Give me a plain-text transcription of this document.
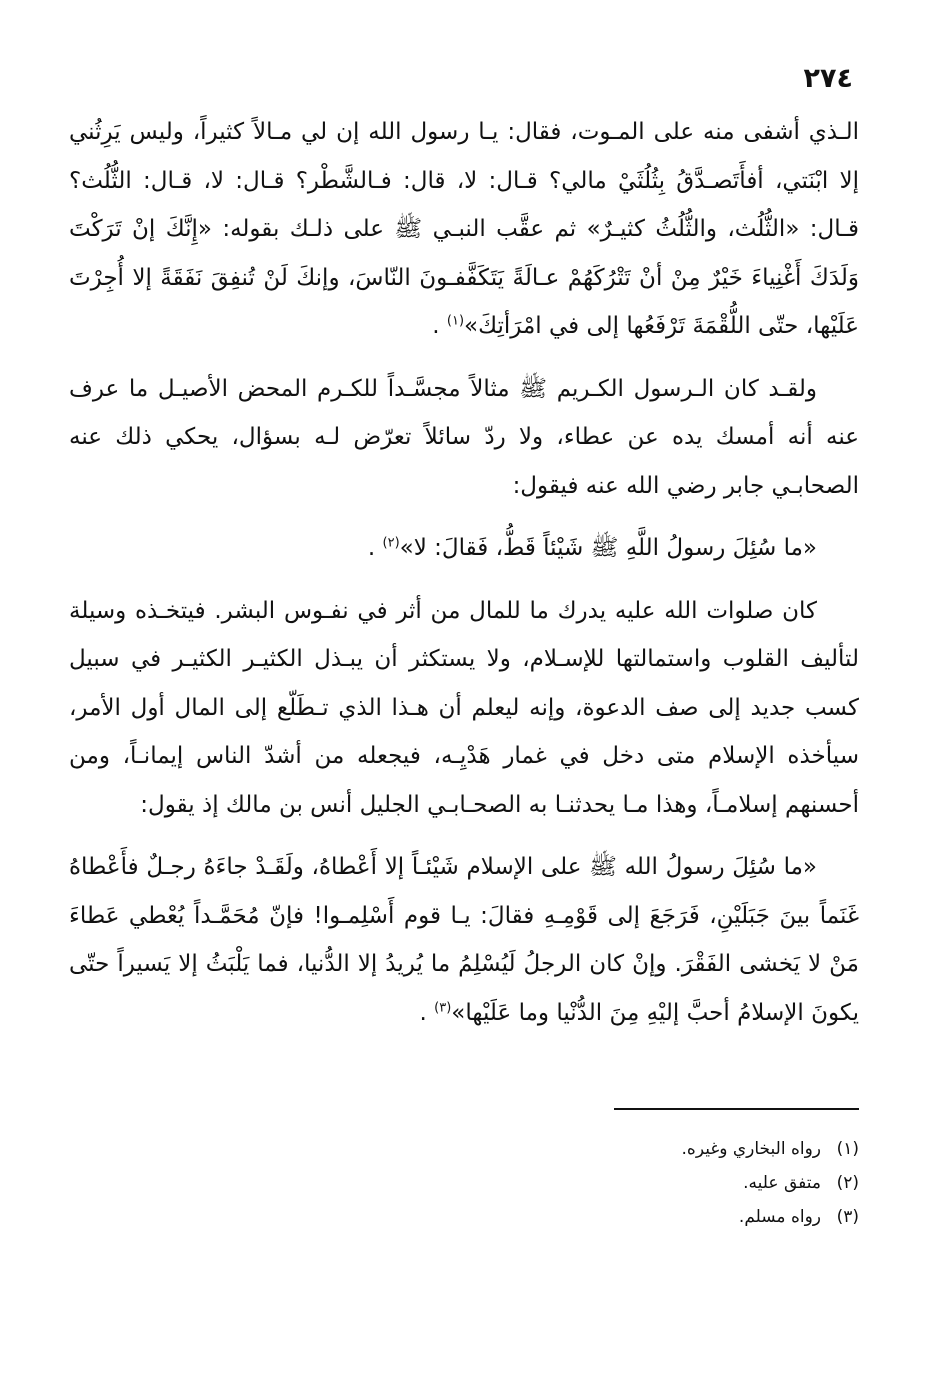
٢٧٤

الـذي أشفى منه على المـوت، فقال: يـا رسول الله إن لي مـالاً كثيراً، وليس يَرِثُني إلا ابْنَتي، أفأَتَصـدَّقُ بِثُلُثَيْ مالي؟ قـال: لا، قال: فـالشَّطْر؟ قـال: لا، قـال: الثُّلُث؟ قـال: «الثُّلُث، والثُّلُثُ كثيـرٌ» ثم عقَّب النبـي ﷺ على ذلـك بقوله: «إِنَّكَ إنْ تَرَكْتَ وَلَدَكَ أَغْنِياءَ خَيْرٌ مِنْ أنْ تَتْرُكَهُمْ عـالَةً يَتَكَفَّفـونَ النّاسَ، وإنكَ لَنْ تُنفِقَ نَفَقَةً إلا أُجِرْتَ عَلَيْها، حتّى اللُّقْمَةَ تَرْفَعُها إلى في امْرَأتِكَ»$^{(١)}$ .

ولقـد كان الـرسول الكـريم ﷺ مثالاً مجسَّـداً للكـرم المحض الأصيـل ما عرف عنه أنه أمسك يده عن عطاء، ولا ردّ سائلاً تعرّض لـه بسؤال، يحكي ذلك عنه الصحابـي جابر رضي الله عنه فيقول:

«ما سُئِلَ رسولُ اللَّهِ ﷺ شَيْئاً قَطُّ، فَقالَ: لا»$^{(٢)}$ .

كان صلوات الله عليه يدرك ما للمال من أثر في نفـوس البشر. فيتخـذه وسيلة لتأليف القلوب واستمالتها للإسـلام، ولا يستكثر أن يبـذل الكثيـر الكثيـر في سبيل كسب جديد إلى صف الدعوة، وإنه ليعلم أن هـذا الذي تـطَلّع إلى المال أول الأمر، سيأخذه الإسلام متى دخل في غمار هَدْيِـه، فيجعله من أشدّ الناس إيمانـاً، ومن أحسنهم إسلامـاً، وهذا مـا يحدثنـا به الصحـابـي الجليل أنس بن مالك إذ يقول:

«ما سُئِلَ رسولُ الله ﷺ على الإسلام شَيْئـاً إلا أَعْطاهُ، ولَقَـدْ جاءَهُ رجـلٌ فأَعْطاهُ غَنَماً بينَ جَبَلَيْنِ، فَرَجَعَ إلى قَوْمِـهِ فقالَ: يـا قوم أَسْلِمـوا! فإنّ مُحَمَّـداً يُعْطي عَطاءَ مَنْ لا يَخشى الفَقْرَ. وإنْ كان الرجلُ لَيُسْلِمُ ما يُريدُ إلا الدُّنيا، فما يَلْبَثُ إلا يَسيراً حتّى يكونَ الإسلامُ أحبَّ إليْهِ مِنَ الدُّنْيا وما عَلَيْها»$^{(٣)}$ .

(١)
رواه البخاري وغيره.
(٢)
متفق عليه.
(٣)
رواه مسلم.
